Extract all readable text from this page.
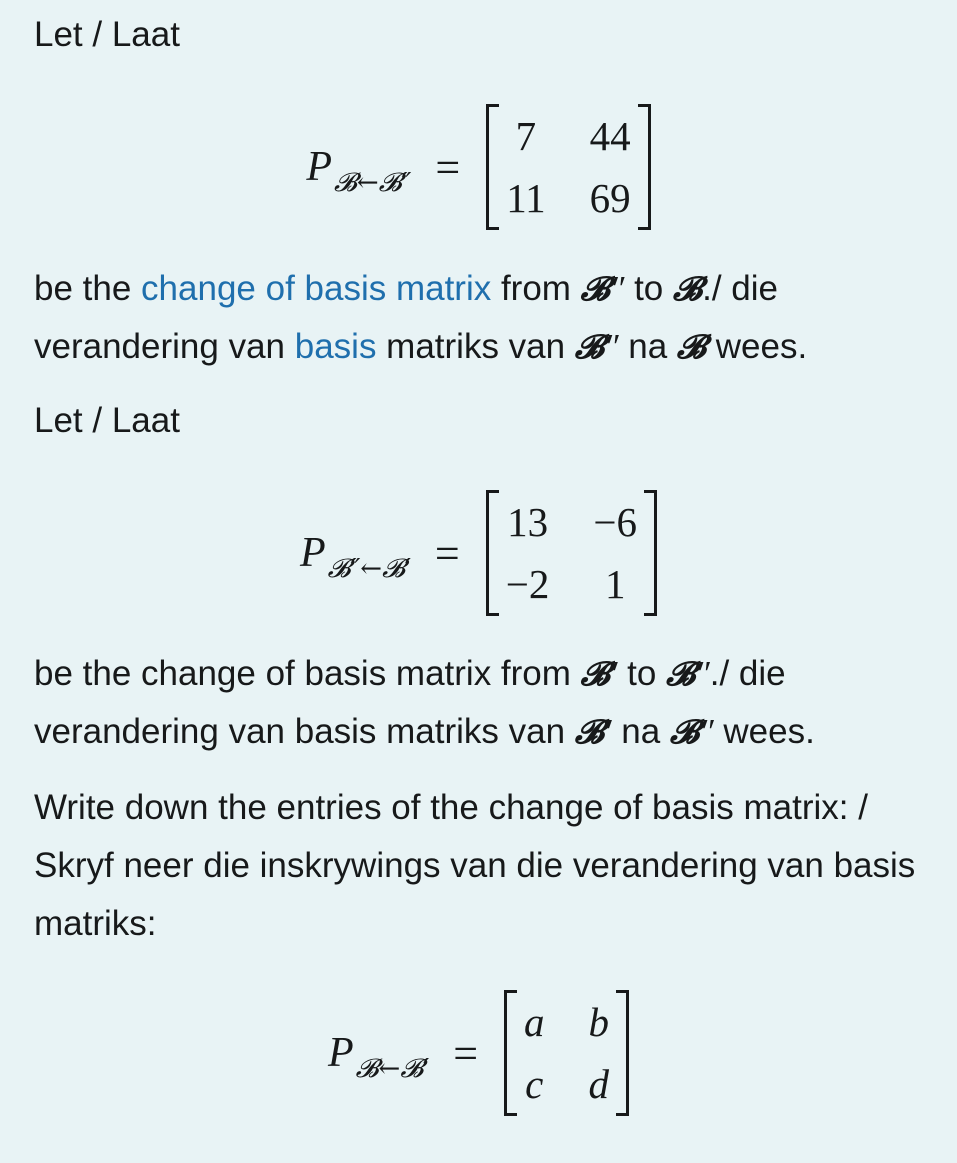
Let / Laat

P 𝓑←𝓑″ =
7 44
11 69

be the change of basis matrix from 𝓑″ to 𝓑./ die verandering van basis matriks van 𝓑″ na 𝓑 wees.

Let / Laat

P 𝓑″←𝓑′ =
13 −6
−2 1

be the change of basis matrix from 𝓑′ to 𝓑″./ die verandering van basis matriks van 𝓑′ na 𝓑″ wees.

Write down the entries of the change of basis matrix: / Skryf neer die inskrywings van die verandering van basis matriks:

P 𝓑←𝓑′ =
a b
c d
